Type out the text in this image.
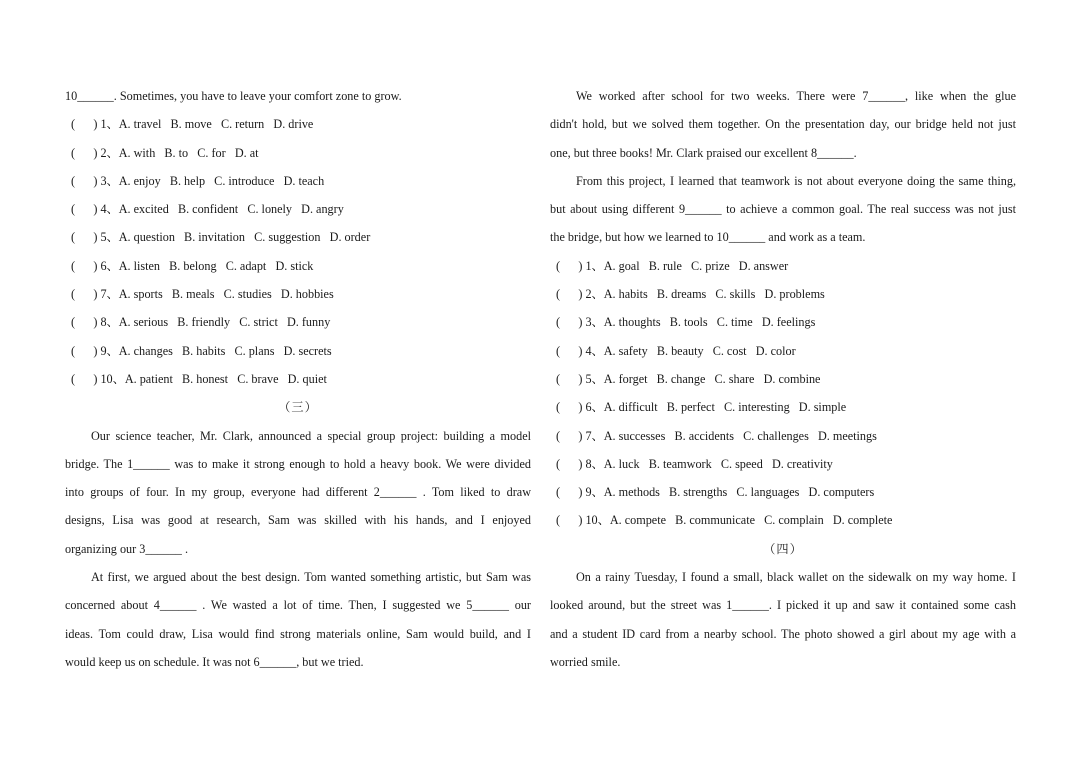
10______. Sometimes, you have to leave your comfort zone to grow.
(      ) 1、A. travel   B. move   C. return   D. drive
(      ) 2、A. with   B. to   C. for   D. at
(      ) 3、A. enjoy   B. help   C. introduce   D. teach
(      ) 4、A. excited   B. confident   C. lonely   D. angry
(      ) 5、A. question   B. invitation   C. suggestion   D. order
(      ) 6、A. listen   B. belong   C. adapt   D. stick
(      ) 7、A. sports   B. meals   C. studies   D. hobbies
(      ) 8、A. serious   B. friendly   C. strict   D. funny
(      ) 9、A. changes   B. habits   C. plans   D. secrets
(      ) 10、A. patient   B. honest   C. brave   D. quiet
（三）
Our science teacher, Mr. Clark, announced a special group project: building a model
bridge. The 1______ was to make it strong enough to hold a heavy book. We were divided
into groups of four. In my group, everyone had different 2______ . Tom liked to draw
designs, Lisa was good at research, Sam was skilled with his hands, and I enjoyed
organizing our 3______ .
At first, we argued about the best design. Tom wanted something artistic, but Sam was
concerned about 4______ . We wasted a lot of time. Then, I suggested we 5______ our
ideas. Tom could draw, Lisa would find strong materials online, Sam would build, and I
would keep us on schedule. It was not 6______, but we tried.
We worked after school for two weeks. There were 7______, like when the glue
didn't hold, but we solved them together. On the presentation day, our bridge held not just
one, but three books! Mr. Clark praised our excellent 8______.
From this project, I learned that teamwork is not about everyone doing the same thing,
but about using different 9______ to achieve a common goal. The real success was not just
the bridge, but how we learned to 10______ and work as a team.
(      ) 1、A. goal   B. rule   C. prize   D. answer
(      ) 2、A. habits   B. dreams   C. skills   D. problems
(      ) 3、A. thoughts   B. tools   C. time   D. feelings
(      ) 4、A. safety   B. beauty   C. cost   D. color
(      ) 5、A. forget   B. change   C. share   D. combine
(      ) 6、A. difficult   B. perfect   C. interesting   D. simple
(      ) 7、A. successes   B. accidents   C. challenges   D. meetings
(      ) 8、A. luck   B. teamwork   C. speed   D. creativity
(      ) 9、A. methods   B. strengths   C. languages   D. computers
(      ) 10、A. compete   B. communicate   C. complain   D. complete
（四）
On a rainy Tuesday, I found a small, black wallet on the sidewalk on my way home. I
looked around, but the street was 1______. I picked it up and saw it contained some cash
and a student ID card from a nearby school. The photo showed a girl about my age with a
worried smile.
